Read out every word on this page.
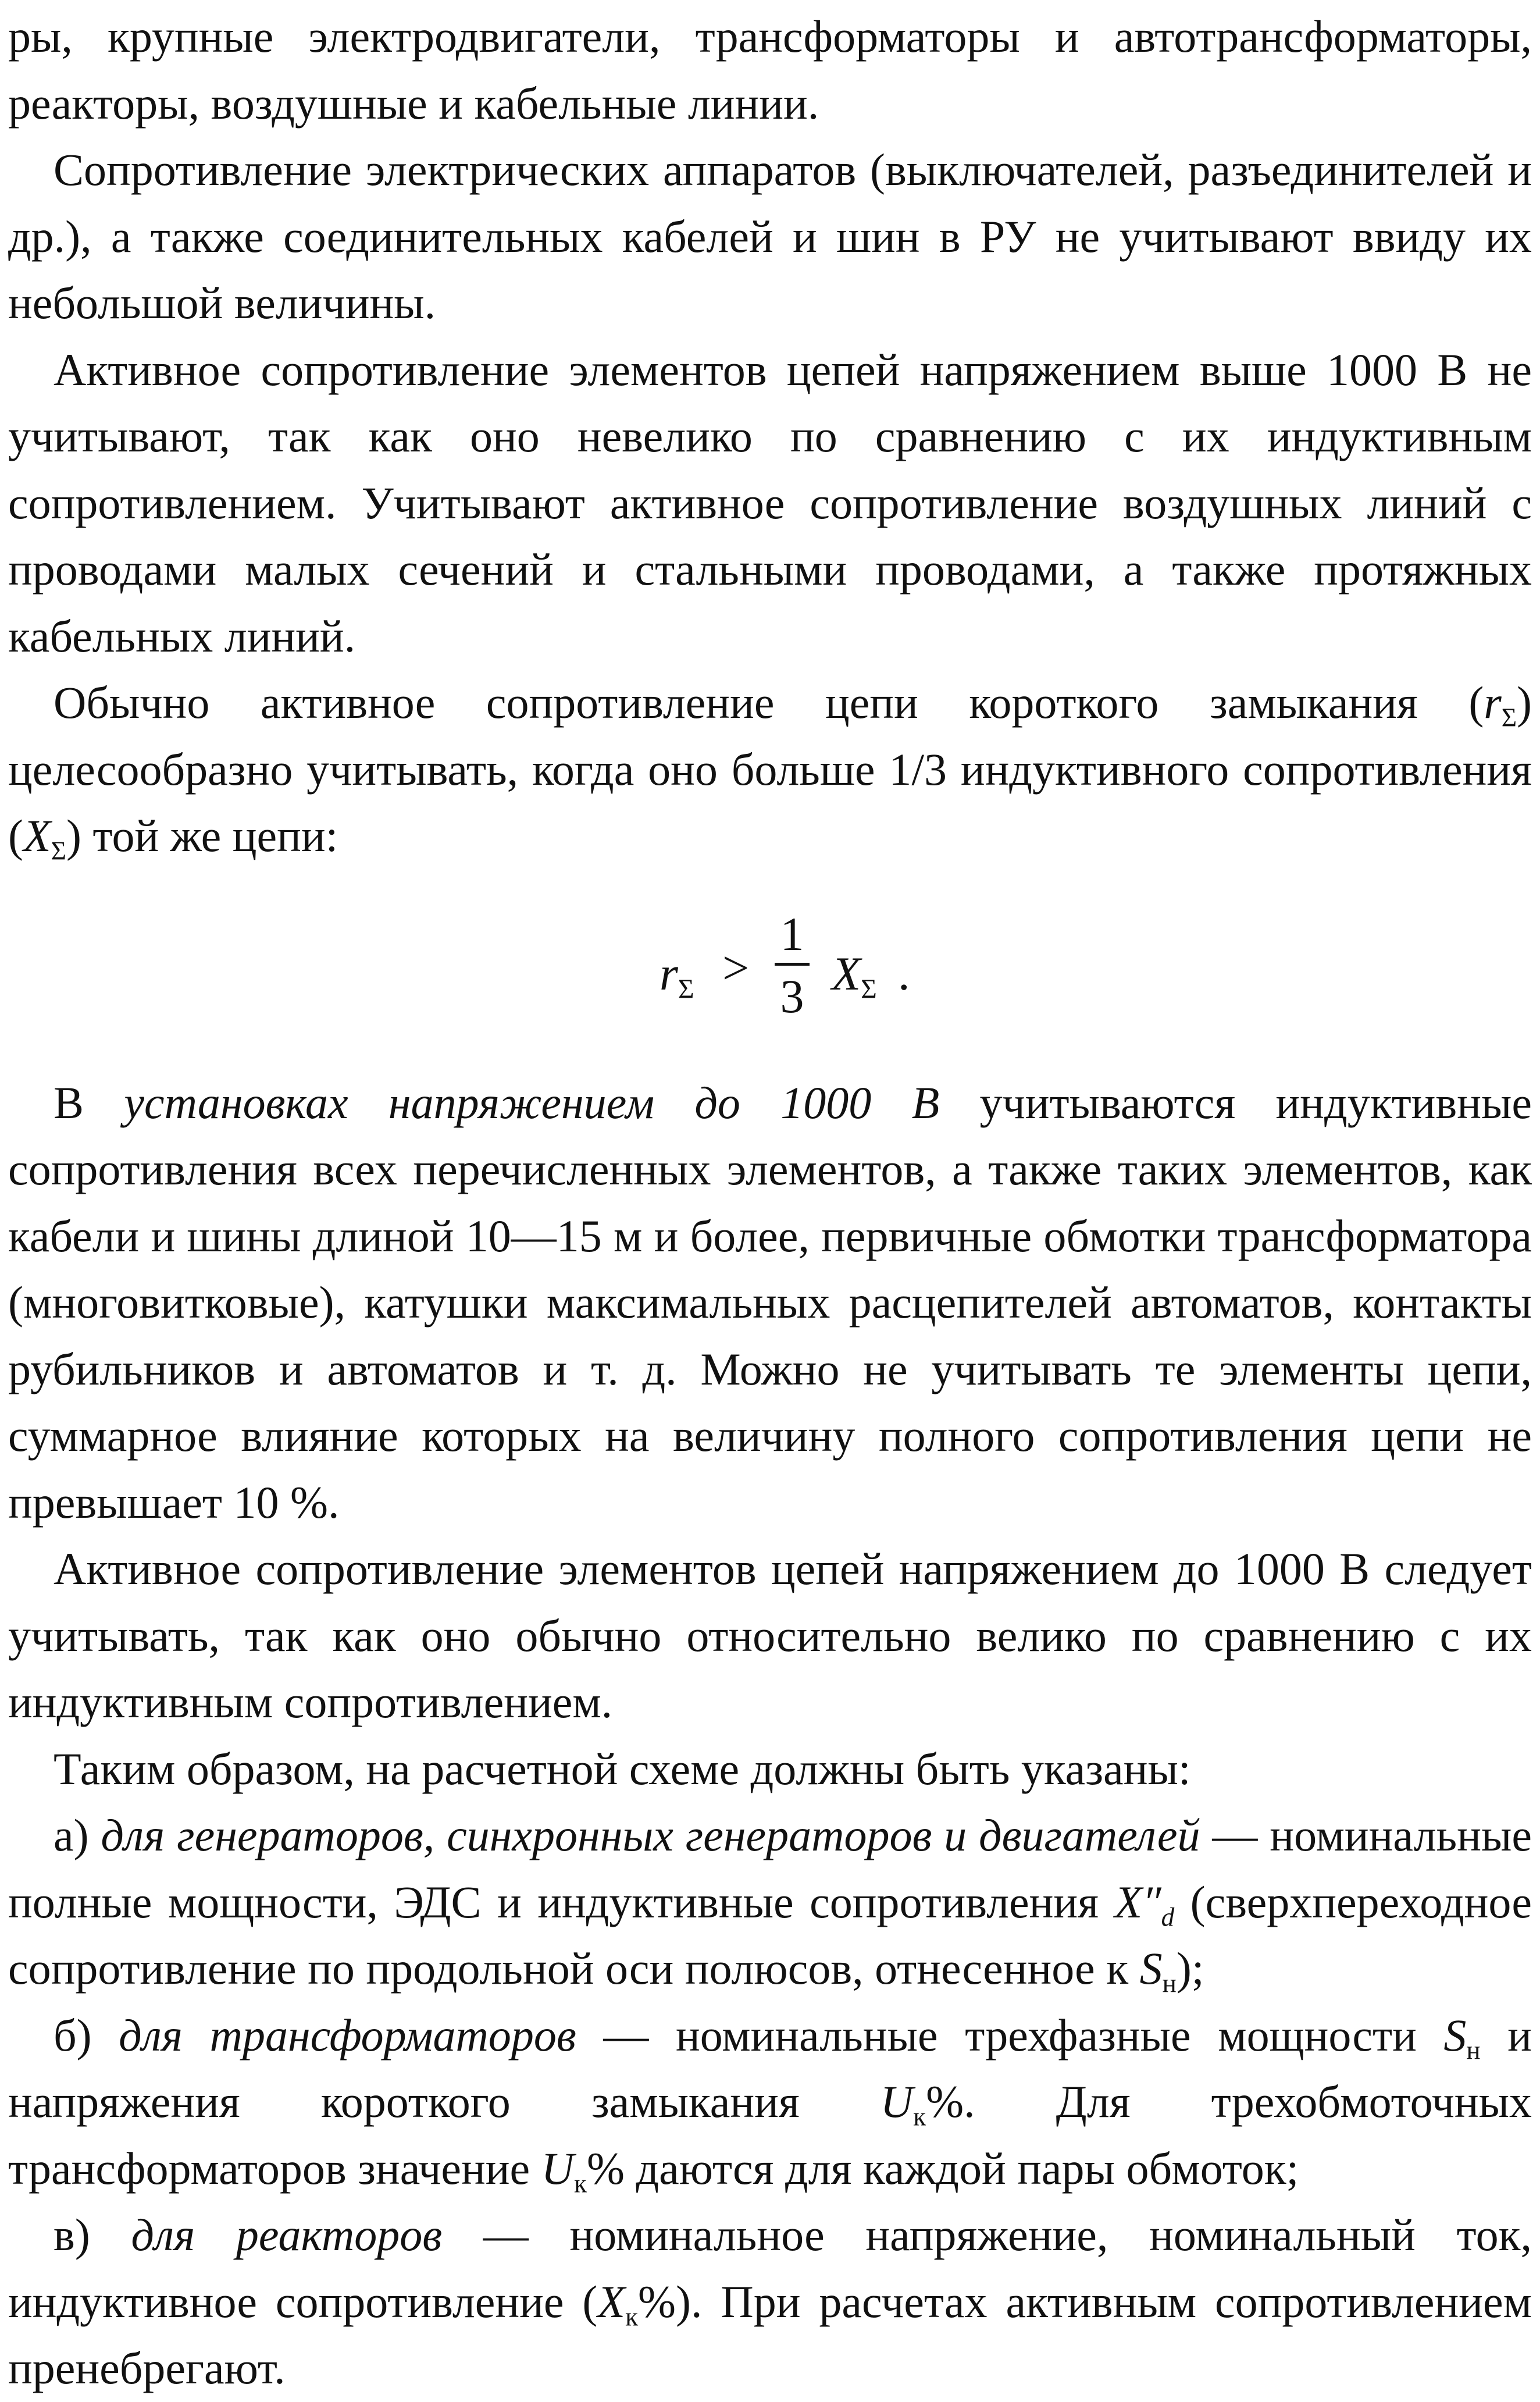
ры, крупные электродвигатели, трансформаторы и автотрансформаторы, реакторы, воздушные и кабельные линии.

Сопротивление электрических аппаратов (выключателей, разъединителей и др.), а также соединительных кабелей и шин в РУ не учитывают ввиду их небольшой величины.

Активное сопротивление элементов цепей напряжением выше 1000 В не учитывают, так как оно невелико по сравнению с их индуктивным сопротивлением. Учитывают активное сопротивление воздушных линий с проводами малых сечений и стальными проводами, а также протяжных кабельных линий.

Обычно активное сопротивление цепи короткого замыкания $(r_\Sigma)$ целесообразно учитывать, когда оно больше 1/3 индуктивного сопротивления $(X_\Sigma)$ той же цепи:

$r_\Sigma$ >
1
3 $X_\Sigma$ .

В установках напряжением до 1000 В учитываются индуктивные сопротивления всех перечисленных элементов, а также таких элементов, как кабели и шины длиной 10—15 м и более, первичные обмотки трансформатора (многовитковые), катушки максимальных расцепителей автоматов, контакты рубильников и автоматов и т. д. Можно не учитывать те элементы цепи, суммарное влияние которых на величину полного сопротивления цепи не превышает 10 %.

Активное сопротивление элементов цепей напряжением до 1000 В следует учитывать, так как оно обычно относительно велико по сравнению с их индуктивным сопротивлением.

Таким образом, на расчетной схеме должны быть указаны:

а) для генераторов, синхронных генераторов и двигателей — номинальные полные мощности, ЭДС и индуктивные сопротивления $X''_d$ (сверхпереходное сопротивление по продольной оси полюсов, отнесенное к $S_н$);

б) для трансформаторов — номинальные трехфазные мощности $S_н$ и напряжения короткого замыкания $U_к\%$. Для трехобмоточных трансформаторов значение $U_к\%$ даются для каждой пары обмоток;

в) для реакторов — номинальное напряжение, номинальный ток, индуктивное сопротивление $(X_к\%)$. При расчетах активным сопротивлением пренебрегают.
